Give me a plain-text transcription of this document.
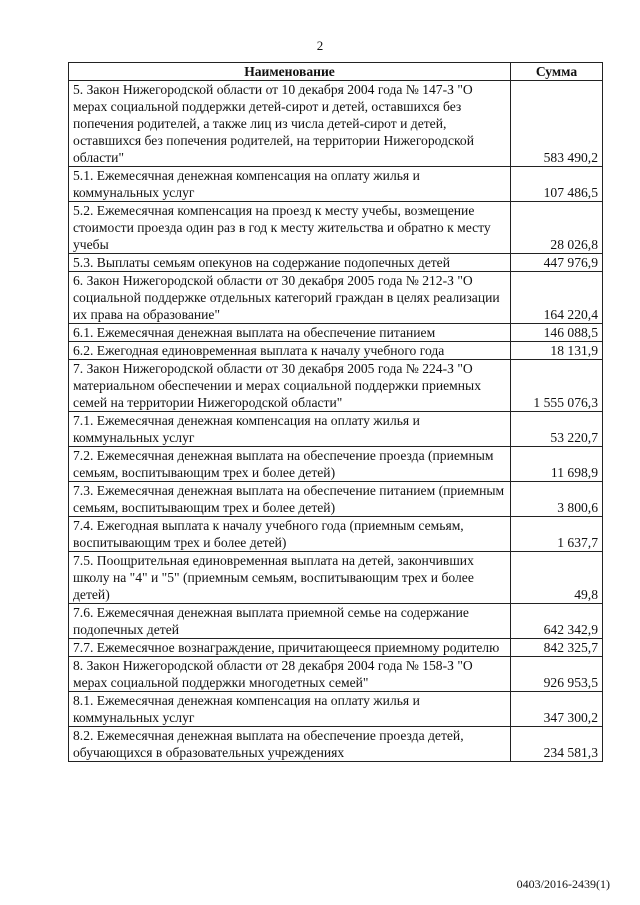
2
Наименование	Сумма
5. Закон Нижегородской области от 10 декабря 2004 года № 147-З "О мерах социальной поддержки детей-сирот и детей, оставшихся без попечения родителей, а также лиц из числа детей-сирот и детей, оставшихся без попечения родителей, на территории Нижегородской области"	583 490,2
5.1. Ежемесячная денежная компенсация на оплату жилья и коммунальных услуг	107 486,5
5.2. Ежемесячная компенсация на проезд к месту учебы, возмещение стоимости проезда один раз в год к месту жительства и обратно к месту учебы	28 026,8
5.3. Выплаты семьям опекунов на содержание подопечных детей	447 976,9
6. Закон Нижегородской области от 30 декабря 2005 года № 212-З "О социальной поддержке отдельных категорий граждан в целях реализации их права на образование"	164 220,4
6.1. Ежемесячная денежная выплата на обеспечение питанием	146 088,5
6.2. Ежегодная единовременная выплата к началу учебного года	18 131,9
7. Закон Нижегородской области от 30 декабря 2005 года № 224-З "О материальном обеспечении и мерах социальной поддержки приемных семей на территории Нижегородской области"	1 555 076,3
7.1. Ежемесячная денежная компенсация на оплату жилья и коммунальных услуг	53 220,7
7.2. Ежемесячная денежная выплата на обеспечение проезда (приемным семьям, воспитывающим трех и более детей)	11 698,9
7.3. Ежемесячная денежная выплата на обеспечение питанием (приемным семьям, воспитывающим трех и более детей)	3 800,6
7.4. Ежегодная выплата к началу учебного года (приемным семьям, воспитывающим трех и более детей)	1 637,7
7.5. Поощрительная единовременная выплата на детей, закончивших школу на "4" и "5" (приемным семьям, воспитывающим трех и более детей)	49,8
7.6. Ежемесячная денежная выплата приемной семье на содержание подопечных детей	642 342,9
7.7. Ежемесячное вознаграждение, причитающееся приемному родителю	842 325,7
8. Закон Нижегородской области от 28 декабря 2004 года № 158-З "О мерах социальной поддержки многодетных семей"	926 953,5
8.1. Ежемесячная денежная компенсация на оплату жилья и коммунальных услуг	347 300,2
8.2. Ежемесячная денежная выплата на обеспечение проезда детей, обучающихся в образовательных учреждениях	234 581,3
0403/2016-2439(1)
